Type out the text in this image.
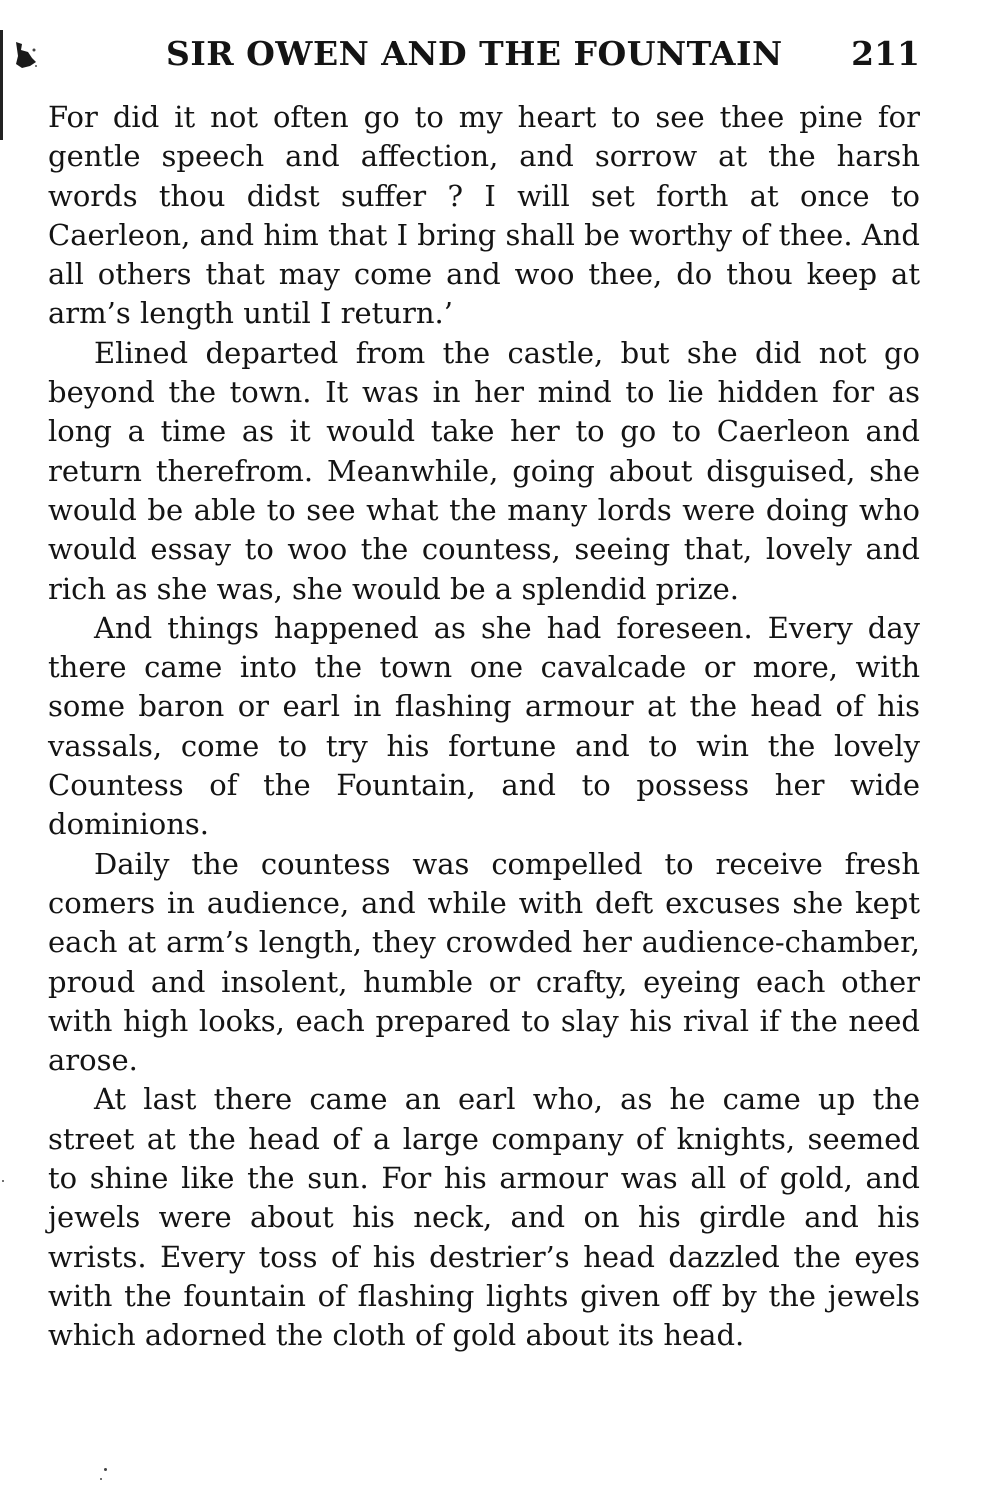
SIR OWEN AND THE FOUNTAIN 211

For did it not often go to my heart to see thee pine for gentle speech and affection, and sorrow at the harsh words thou didst suffer ? I will set forth at once to Caerleon, and him that I bring shall be worthy of thee. And all others that may come and woo thee, do thou keep at arm’s length until I return.’

Elined departed from the castle, but she did not go beyond the town. It was in her mind to lie hidden for as long a time as it would take her to go to Caerleon and return therefrom. Meanwhile, going about disguised, she would be able to see what the many lords were doing who would essay to woo the countess, seeing that, lovely and rich as she was, she would be a splendid prize.

And things happened as she had foreseen. Every day there came into the town one cavalcade or more, with some baron or earl in flashing armour at the head of his vassals, come to try his fortune and to win the lovely Countess of the Fountain, and to possess her wide dominions.

Daily the countess was compelled to receive fresh comers in audience, and while with deft excuses she kept each at arm’s length, they crowded her audience-chamber, proud and insolent, humble or crafty, eyeing each other with high looks, each prepared to slay his rival if the need arose.

At last there came an earl who, as he came up the street at the head of a large company of knights, seemed to shine like the sun. For his armour was all of gold, and jewels were about his neck, and on his girdle and his wrists. Every toss of his destrier’s head dazzled the eyes with the fountain of flashing lights given off by the jewels which adorned the cloth of gold about its head.
